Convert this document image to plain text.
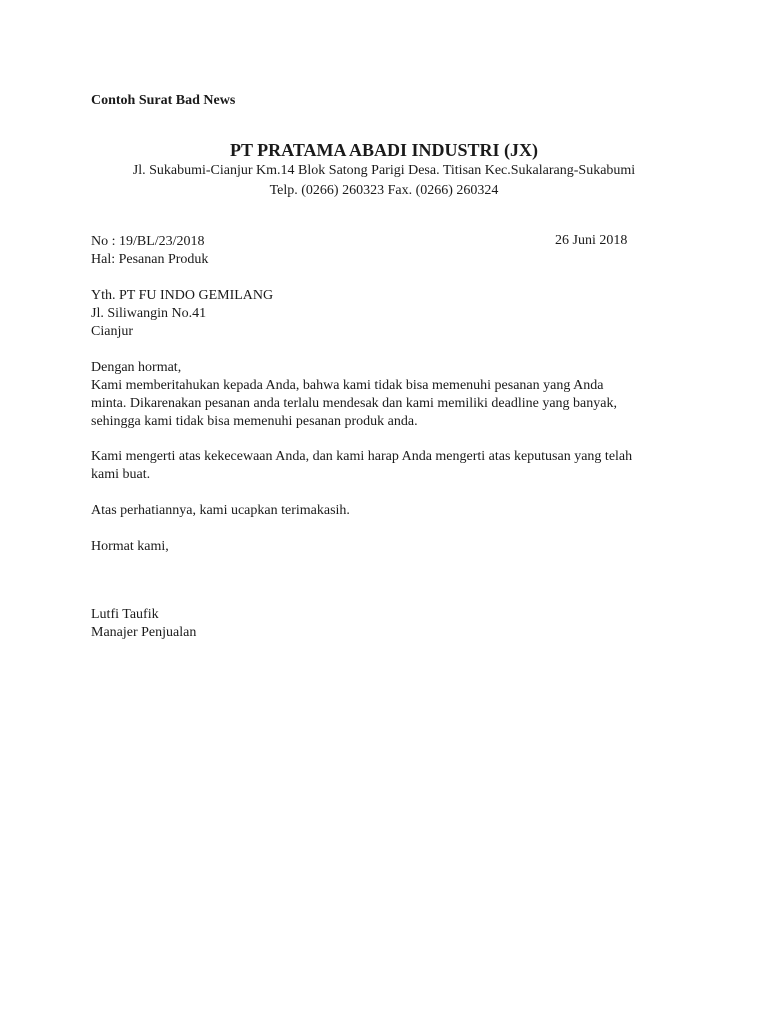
Contoh Surat Bad News
PT PRATAMA ABADI INDUSTRI (JX)
Jl. Sukabumi-Cianjur Km.14 Blok Satong Parigi Desa. Titisan Kec.Sukalarang-Sukabumi
Telp. (0266) 260323 Fax. (0266) 260324
No : 19/BL/23/2018	26 Juni 2018
Hal: Pesanan Produk
Yth. PT FU INDO GEMILANG
Jl. Siliwangin No.41
Cianjur
Dengan hormat,
Kami memberitahukan kepada Anda, bahwa kami tidak bisa memenuhi pesanan yang Anda
minta. Dikarenakan pesanan anda terlalu mendesak dan kami memiliki deadline yang banyak,
sehingga kami tidak bisa memenuhi pesanan produk anda.
Kami mengerti atas kekecewaan Anda, dan kami harap Anda mengerti atas keputusan yang telah
kami buat.
Atas perhatiannya, kami ucapkan terimakasih.
Hormat kami,
Lutfi Taufik
Manajer Penjualan
